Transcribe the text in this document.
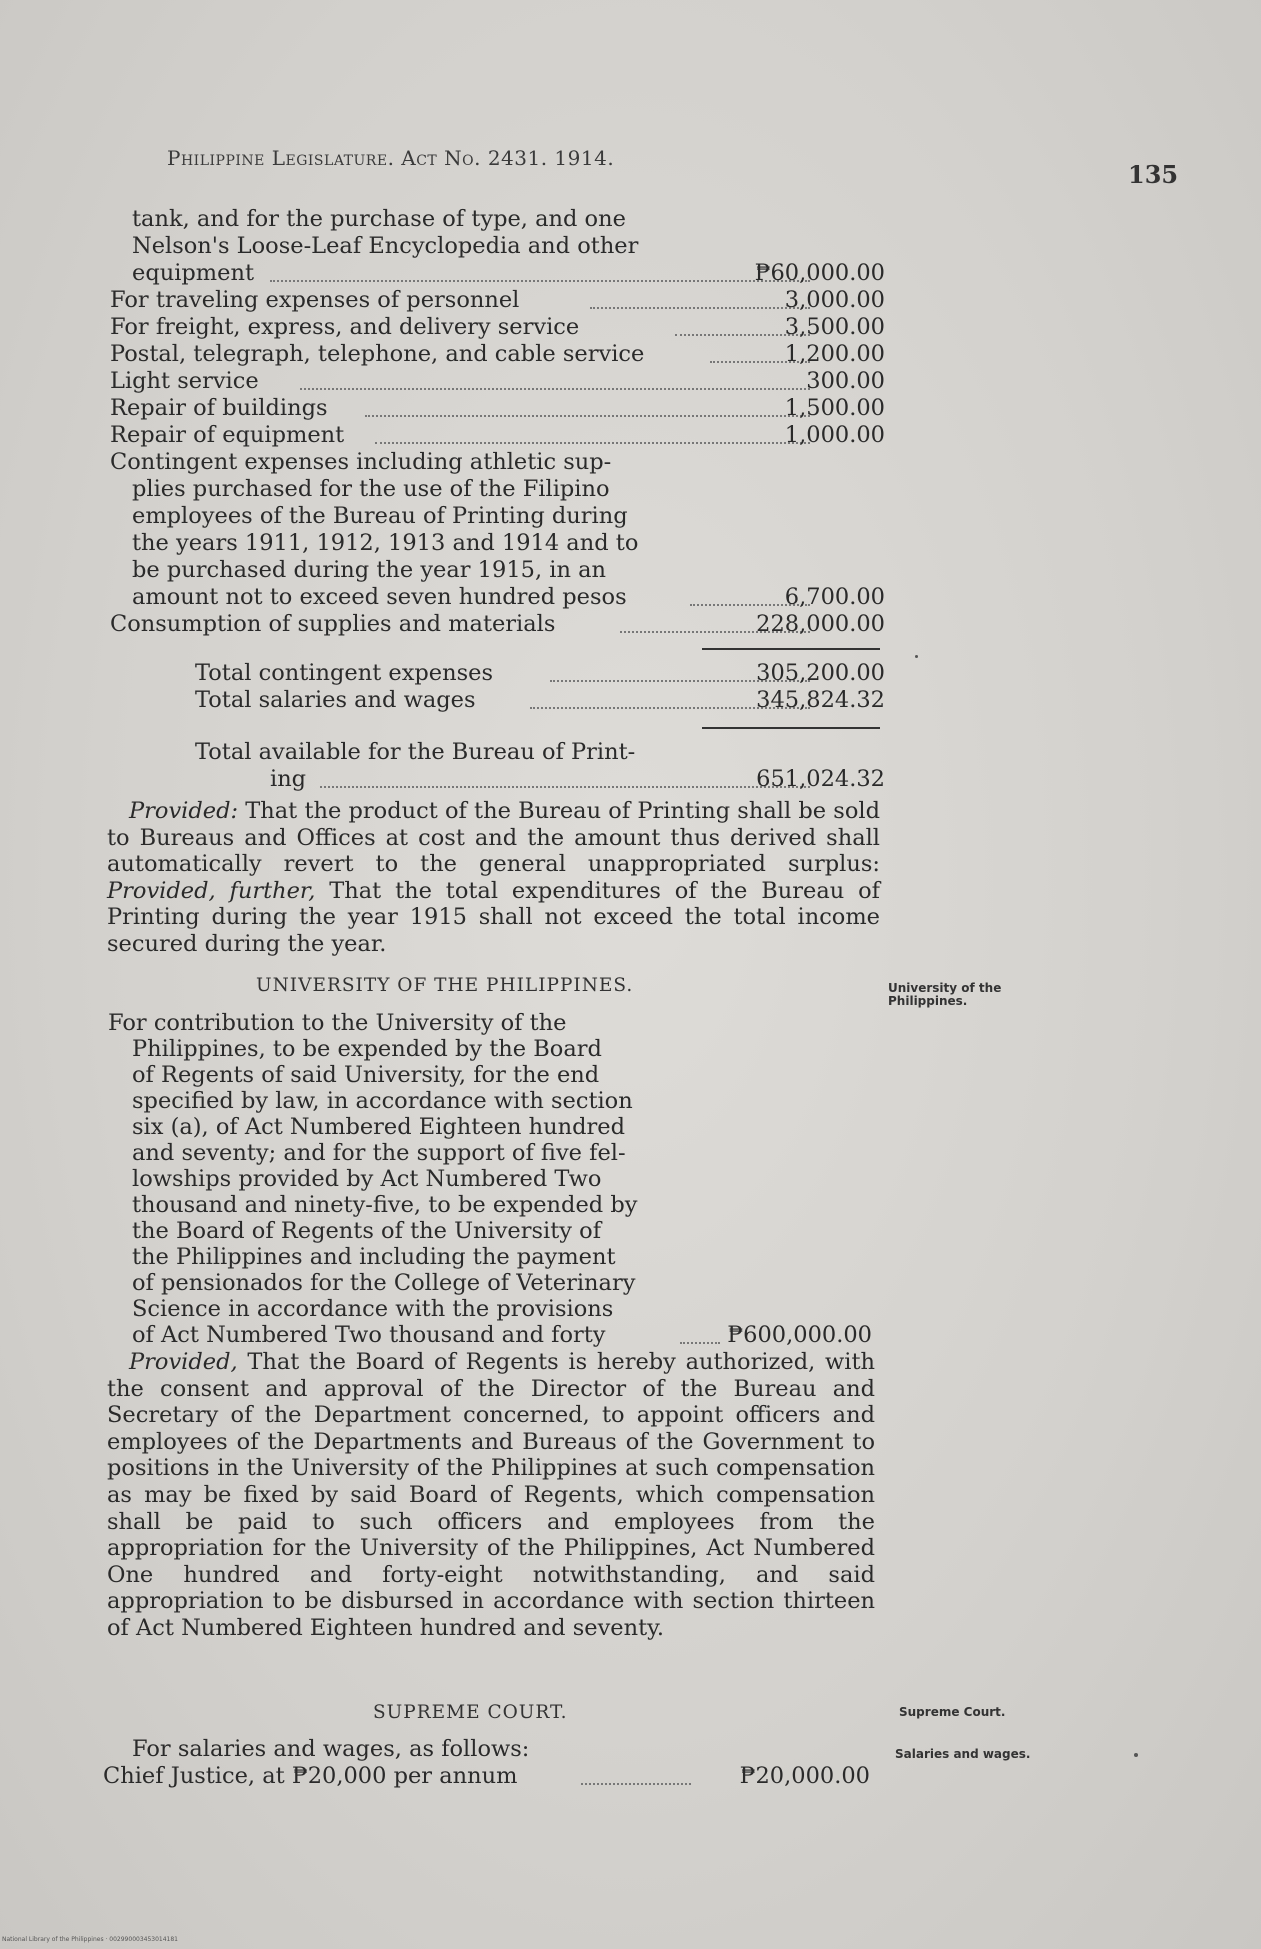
Philippine Legislature. Act No. 2431. 1914.
135
tank, and for the purchase of type, and one
Nelson's Loose-Leaf Encyclopedia and other
equipment	₱60,000.00
For traveling expenses of personnel	3,000.00
For freight, express, and delivery service	3,500.00
Postal, telegraph, telephone, and cable service	1,200.00
Light service	300.00
Repair of buildings	1,500.00
Repair of equipment	1,000.00
Contingent expenses including athletic sup-
plies purchased for the use of the Filipino
employees of the Bureau of Printing during
the years 1911, 1912, 1913 and 1914 and to
be purchased during the year 1915, in an
amount not to exceed seven hundred pesos	6,700.00
Consumption of supplies and materials	228,000.00
Total contingent expenses	305,200.00
Total salaries and wages	345,824.32
Total available for the Bureau of Print-
ing	651,024.32

Provided: That the product of the Bureau of Printing shall be sold to Bureaus and Offices at cost and the amount thus derived shall automatically revert to the general unappropriated surplus: Provided, further, That the total expenditures of the Bureau of Printing during the year 1915 shall not exceed the total income secured during the year.

UNIVERSITY OF THE PHILIPPINES.	University of the Philippines.
For contribution to the University of the
Philippines, to be expended by the Board
of Regents of said University, for the end
specified by law, in accordance with section
six (a), of Act Numbered Eighteen hundred
and seventy; and for the support of five fel-
lowships provided by Act Numbered Two
thousand and ninety-five, to be expended by
the Board of Regents of the University of
the Philippines and including the payment
of pensionados for the College of Veterinary
Science in accordance with the provisions
of Act Numbered Two thousand and forty	₱600,000.00

Provided, That the Board of Regents is hereby authorized, with the consent and approval of the Director of the Bureau and Secretary of the Department concerned, to appoint officers and employees of the Departments and Bureaus of the Government to positions in the University of the Philippines at such compensation as may be fixed by said Board of Regents, which compensation shall be paid to such officers and employees from the appropriation for the University of the Philippines, Act Numbered One hundred and forty-eight notwithstanding, and said appropriation to be disbursed in accordance with section thirteen of Act Numbered Eighteen hundred and seventy.

SUPREME COURT.	Supreme Court.
For salaries and wages, as follows:	Salaries and wages.
Chief Justice, at ₱20,000 per annum	₱20,000.00
National Library of the Philippines · 002990003453014181
